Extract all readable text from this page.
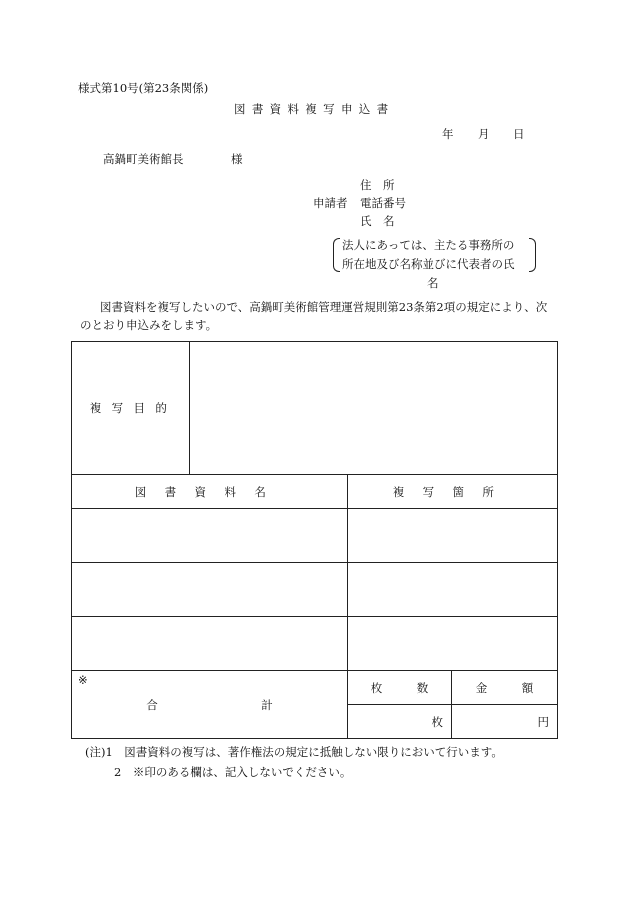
様式第10号(第23条関係)
図書資料複写申込書
年 月 日
高鍋町美術館長	様
住　所
申請者 電話番号
氏　名
法人にあっては、主たる事務所の
所在地及び名称並びに代表者の氏
名
図書資料を複写したいので、高鍋町美術館管理運営規則第23条第2項の規定により、次
のとおり申込みをします。
複写目的			
図書資料名		複写箇所	

※
合　　　　　　　　　計		枚　　　数	金　　　額
		枚	円
(注)1　図書資料の複写は、著作権法の規定に抵触しない限りにおいて行います。
2　※印のある欄は、記入しないでください。
